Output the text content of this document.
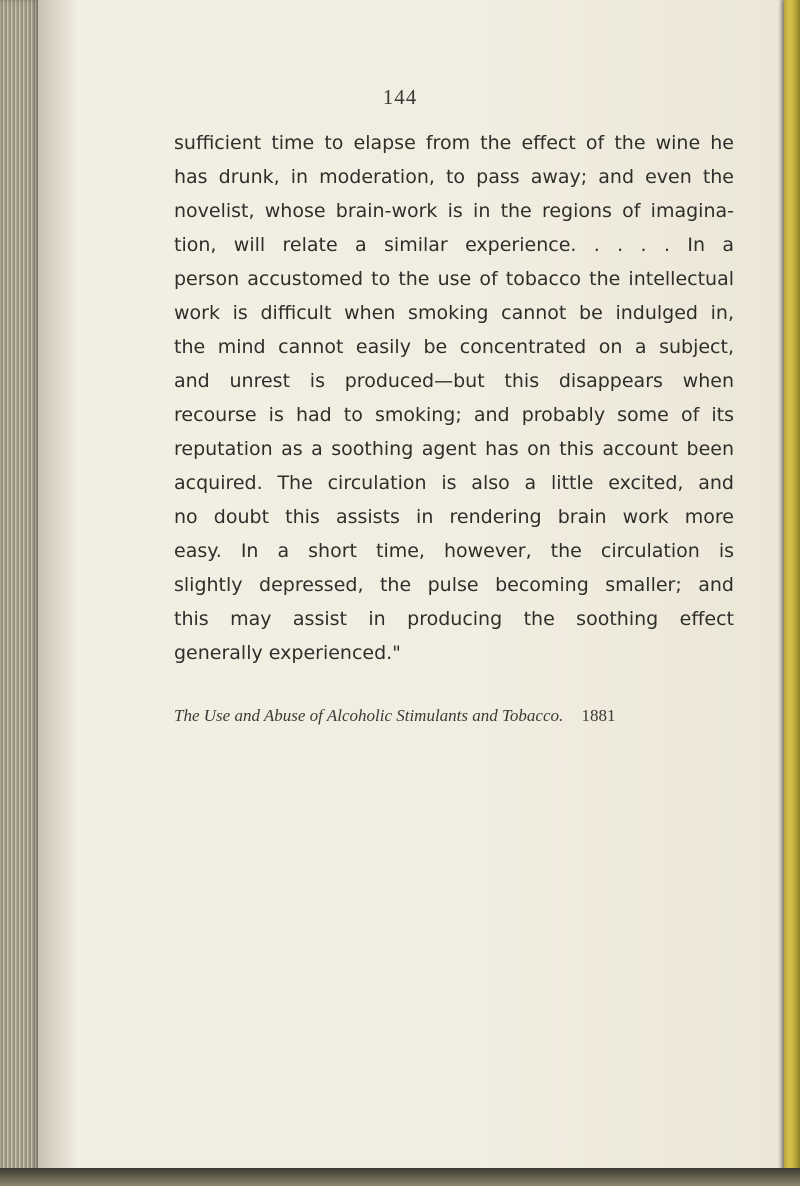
144
sufficient time to elapse from the effect of the wine he
has drunk, in moderation, to pass away; and even the
novelist, whose brain-work is in the regions of imagina-
tion, will relate a similar experience. . . . . In a
person accustomed to the use of tobacco the intellectual
work is difficult when smoking cannot be indulged in,
the mind cannot easily be concentrated on a subject,
and unrest is produced—but this disappears when
recourse is had to smoking; and probably some of its
reputation as a soothing agent has on this account been
acquired. The circulation is also a little excited, and
no doubt this assists in rendering brain work more
easy. In a short time, however, the circulation is
slightly depressed, the pulse becoming smaller; and
this may assist in producing the soothing effect
generally experienced."
The Use and Abuse of Alcoholic Stimulants and Tobacco. 1881
